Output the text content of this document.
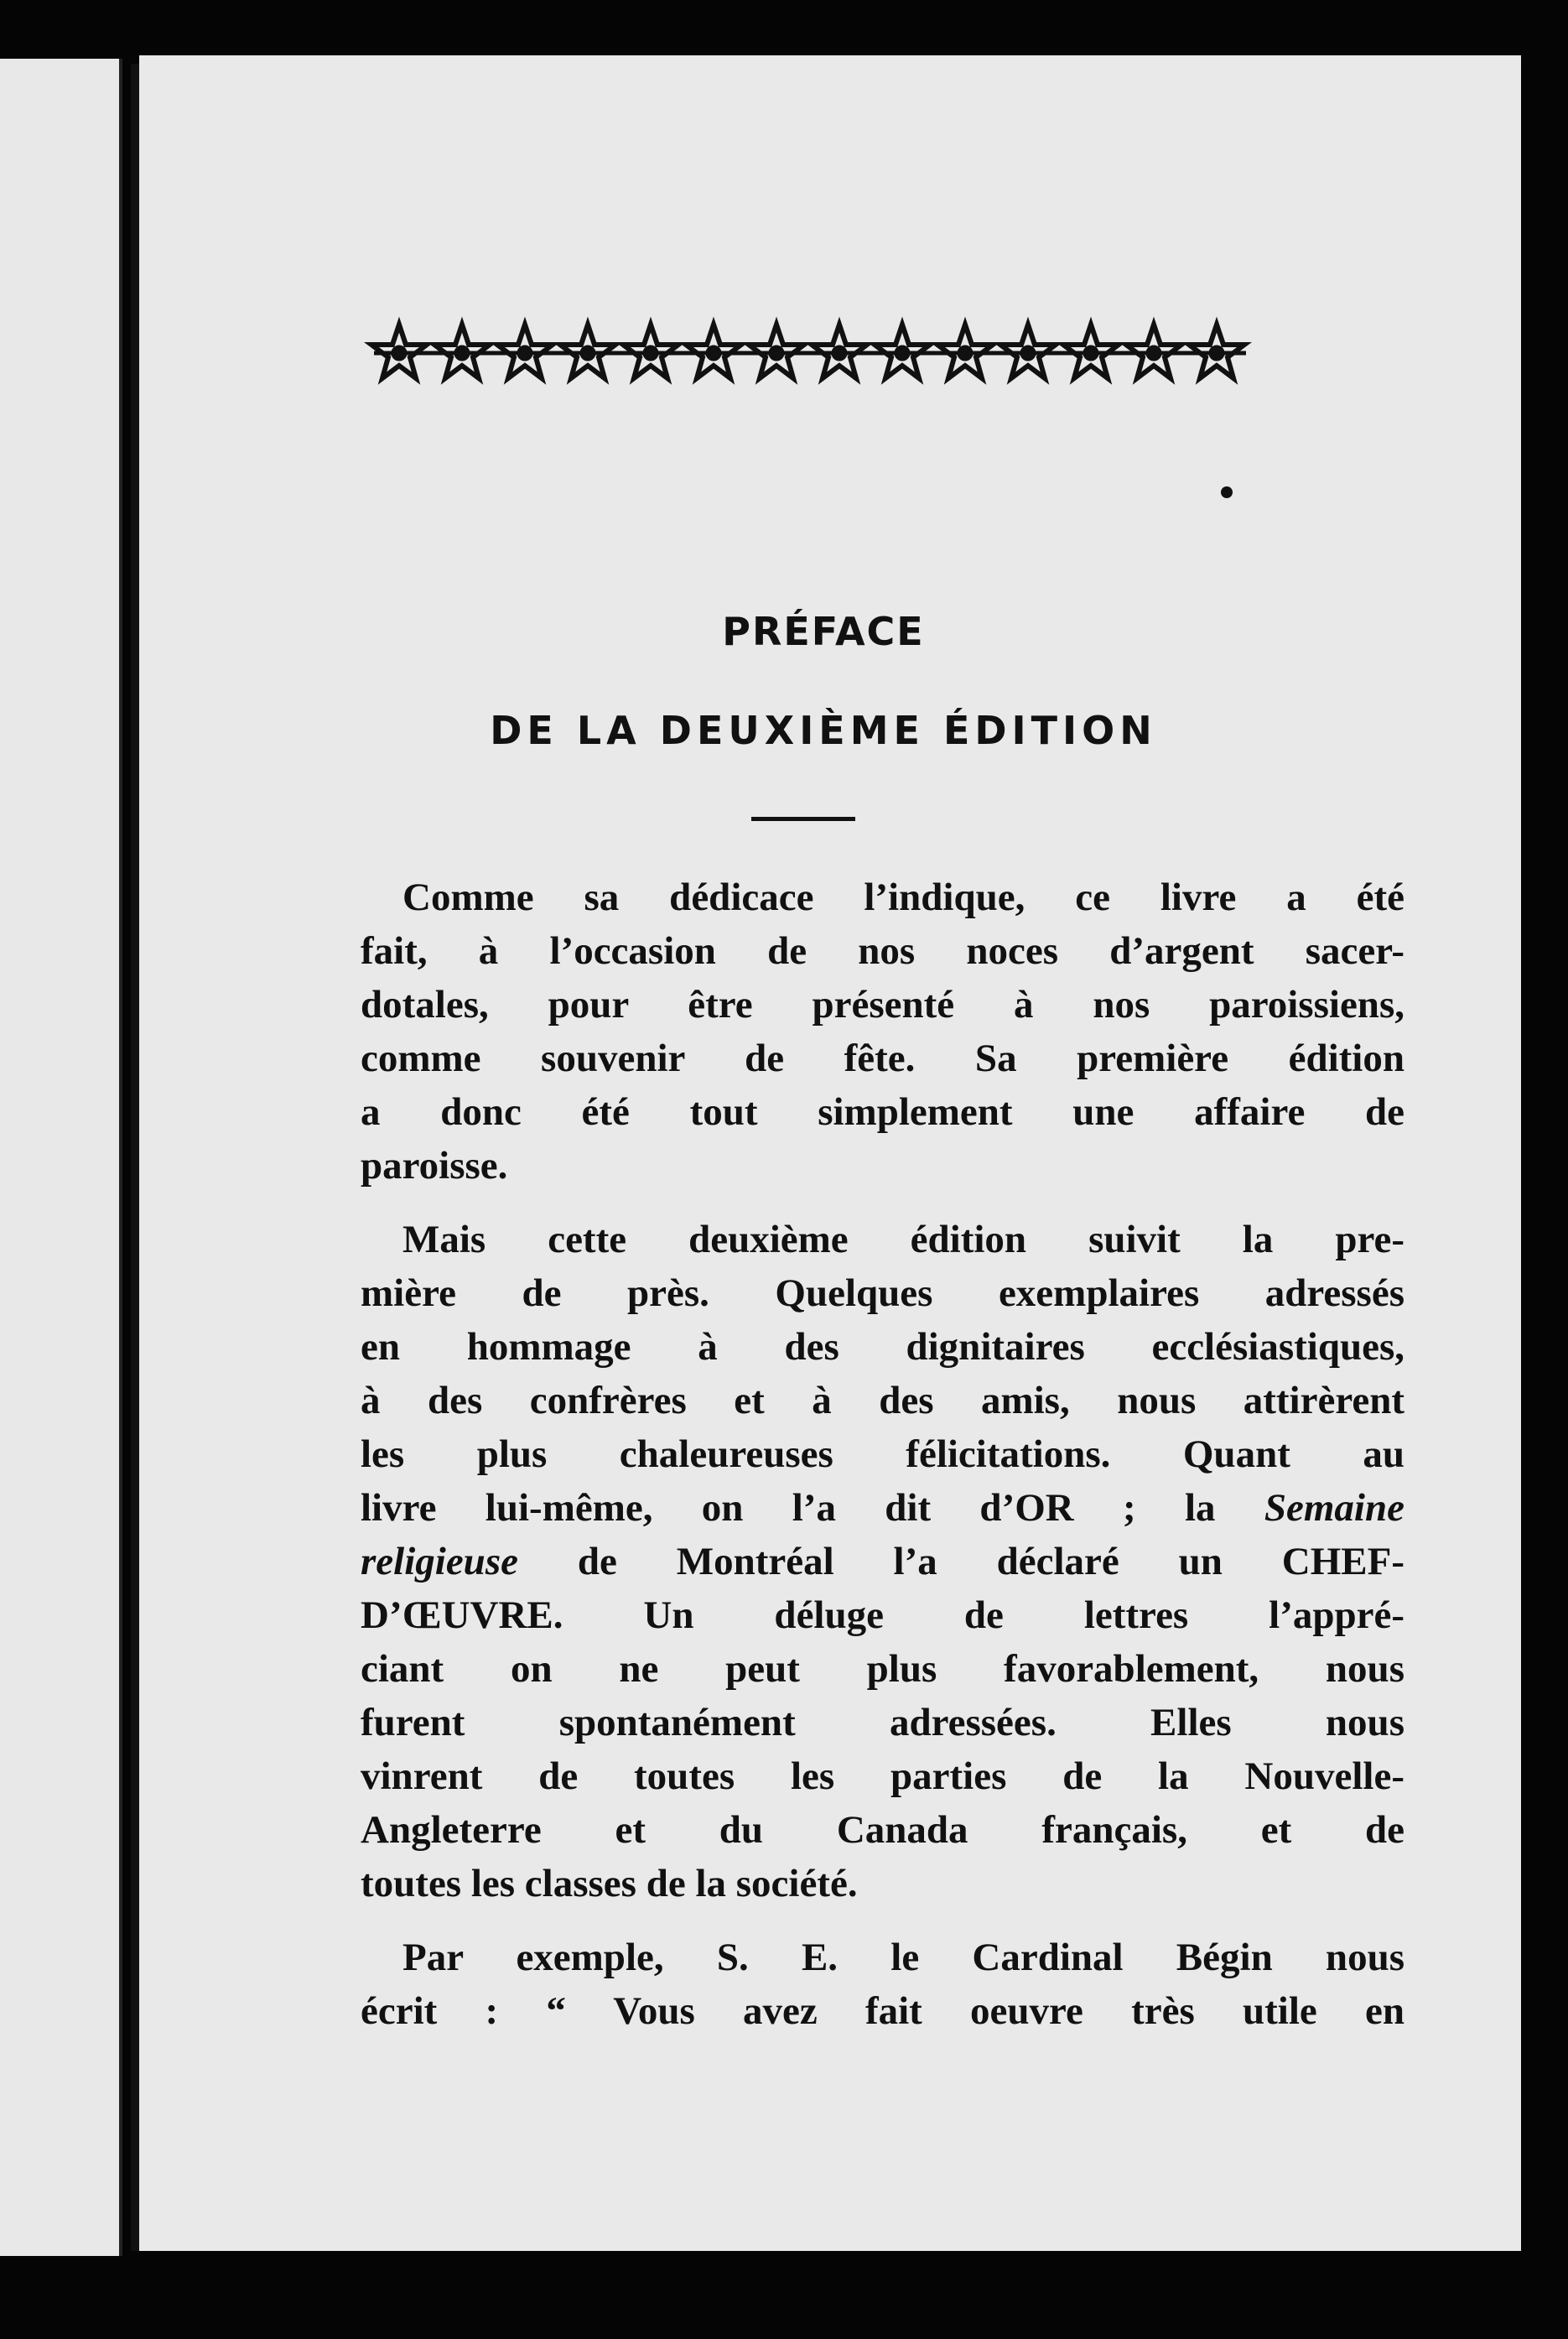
PRÉFACE
DE LA DEUXIÈME ÉDITION

Comme sa dédicace l’indique, ce livre a été
fait, à l’occasion de nos noces d’argent sacer-
dotales, pour être présenté à nos paroissiens,
comme souvenir de fête. Sa première édition
a donc été tout simplement une affaire de
paroisse.

Mais cette deuxième édition suivit la pre-
mière de près. Quelques exemplaires adressés
en hommage à des dignitaires ecclésiastiques,
à des confrères et à des amis, nous attirèrent
les plus chaleureuses félicitations. Quant au
livre lui-même, on l’a dit d’OR ; la Semaine
religieuse de Montréal l’a déclaré un CHEF-
D’ŒUVRE. Un déluge de lettres l’appré-
ciant on ne peut plus favorablement, nous
furent spontanément adressées. Elles nous
vinrent de toutes les parties de la Nouvelle-
Angleterre et du Canada français, et de
toutes les classes de la société.

Par exemple, S. E. le Cardinal Bégin nous
écrit : “ Vous avez fait oeuvre très utile en
